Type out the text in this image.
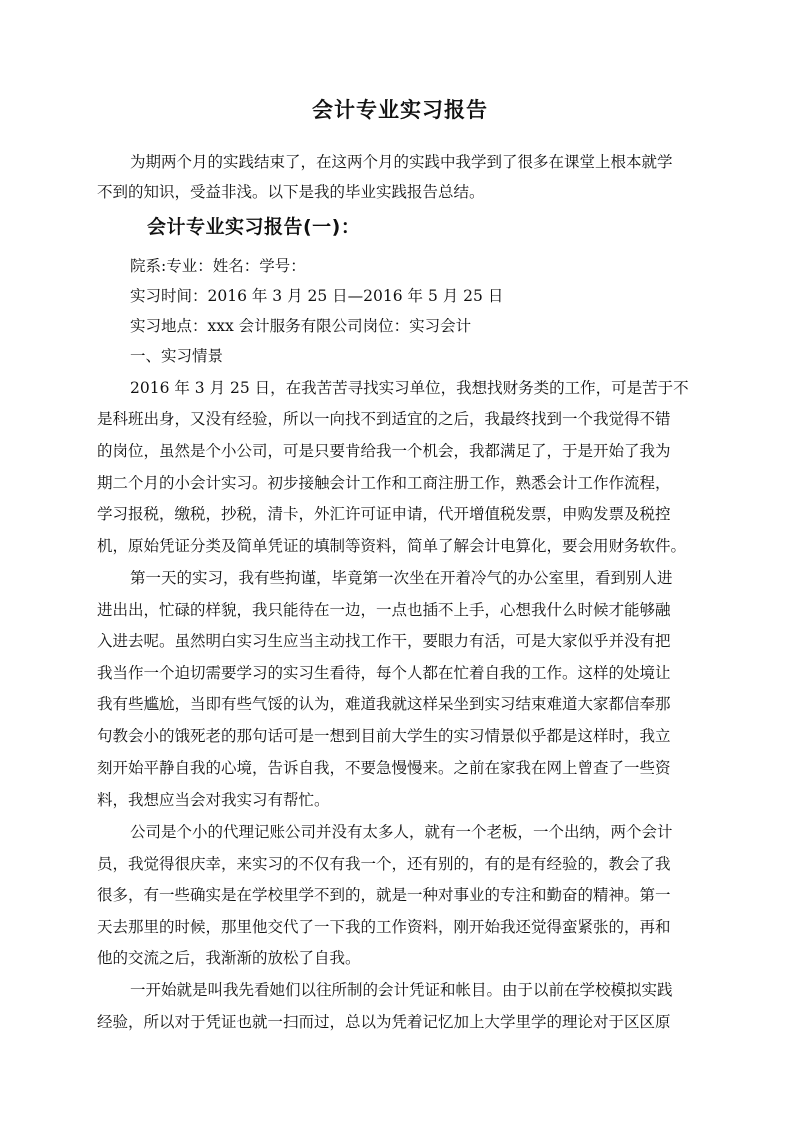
会计专业实习报告
为期两个月的实践结束了，在这两个月的实践中我学到了很多在课堂上根本就学
不到的知识，受益非浅。以下是我的毕业实践报告总结。
会计专业实习报告(一)：
院系:专业：姓名：学号：
实习时间：2016 年 3 月 25 日—2016 年 5 月 25 日
实习地点：xxx 会计服务有限公司岗位：实习会计
一、实习情景
2016 年 3 月 25 日，在我苦苦寻找实习单位，我想找财务类的工作，可是苦于不
是科班出身，又没有经验，所以一向找不到适宜的之后，我最终找到一个我觉得不错
的岗位，虽然是个小公司，可是只要肯给我一个机会，我都满足了，于是开始了我为
期二个月的小会计实习。初步接触会计工作和工商注册工作，熟悉会计工作作流程，
学习报税，缴税，抄税，清卡，外汇许可证申请，代开增值税发票，申购发票及税控
机，原始凭证分类及简单凭证的填制等资料，简单了解会计电算化，要会用财务软件。
第一天的实习，我有些拘谨，毕竟第一次坐在开着冷气的办公室里，看到别人进
进出出，忙碌的样貌，我只能待在一边，一点也插不上手，心想我什么时候才能够融
入进去呢。虽然明白实习生应当主动找工作干，要眼力有活，可是大家似乎并没有把
我当作一个迫切需要学习的实习生看待，每个人都在忙着自我的工作。这样的处境让
我有些尴尬，当即有些气馁的认为，难道我就这样呆坐到实习结束难道大家都信奉那
句教会小的饿死老的那句话可是一想到目前大学生的实习情景似乎都是这样时，我立
刻开始平静自我的心境，告诉自我，不要急慢慢来。之前在家我在网上曾查了一些资
料，我想应当会对我实习有帮忙。
公司是个小的代理记账公司并没有太多人，就有一个老板，一个出纳，两个会计
员，我觉得很庆幸，来实习的不仅有我一个，还有别的，有的是有经验的，教会了我
很多，有一些确实是在学校里学不到的，就是一种对事业的专注和勤奋的精神。第一
天去那里的时候，那里他交代了一下我的工作资料，刚开始我还觉得蛮紧张的，再和
他的交流之后，我渐渐的放松了自我。
一开始就是叫我先看她们以往所制的会计凭证和帐目。由于以前在学校模拟实践
经验，所以对于凭证也就一扫而过，总以为凭着记忆加上大学里学的理论对于区区原
